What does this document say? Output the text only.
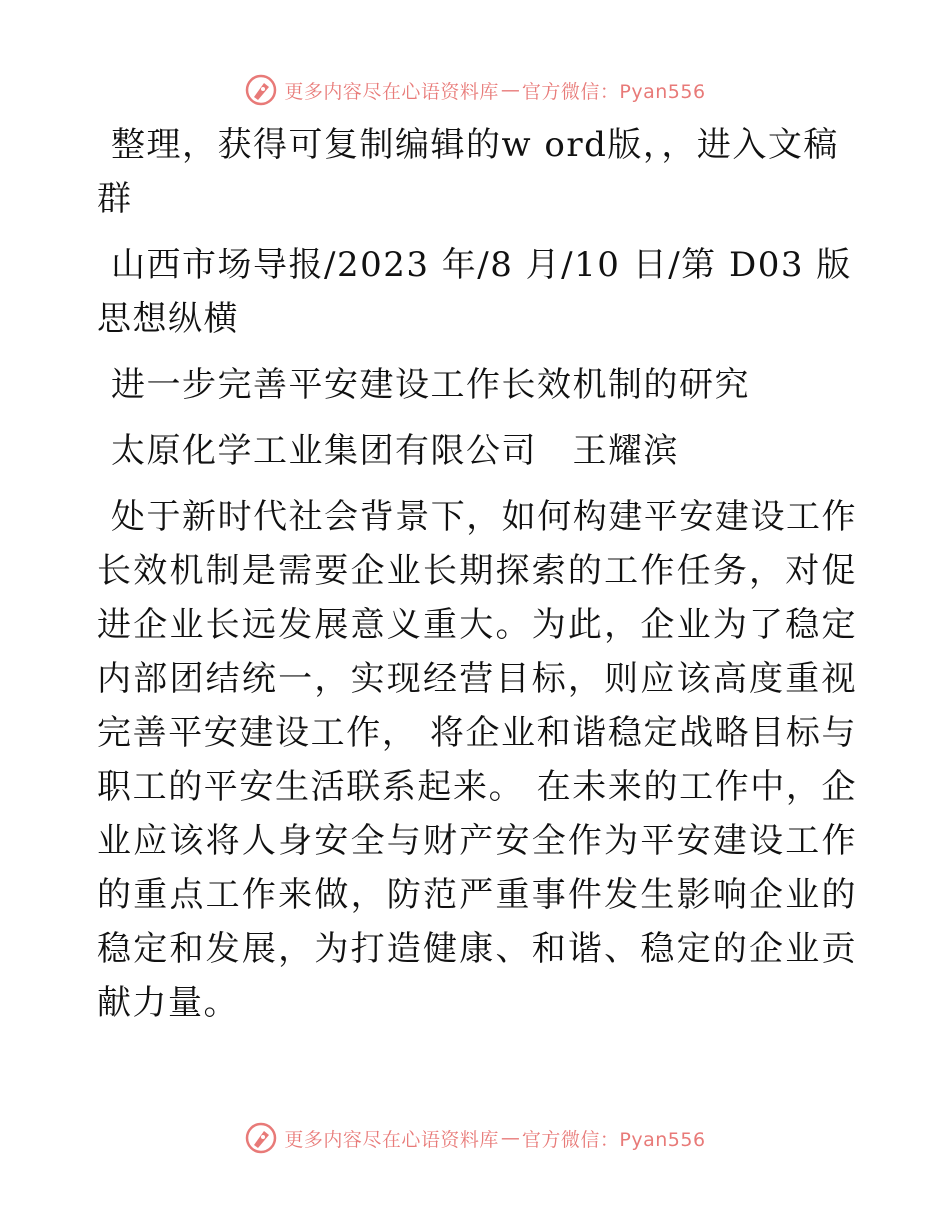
更多内容尽在心语资料库 — 官方微信：Pyan556

整理，获得可复制编辑的w ord版，，进入文稿群

山西市场导报/2023 年/8 月/10 日/第 D03 版思想纵横

进一步完善平安建设工作长效机制的研究

太原化学工业集团有限公司　王耀滨

处于新时代社会背景下，如何构建平安建设工作长效机制是需要企业长期探索的工作任务，对促进企业长远发展意义重大。为此，企业为了稳定内部团结统一，实现经营目标，则应该高度重视完善平安建设工作， 将企业和谐稳定战略目标与职工的平安生活联系起来。 在未来的工作中，企业应该将人身安全与财产安全作为平安建设工作的重点工作来做，防范严重事件发生影响企业的稳定和发展，为打造健康、和谐、稳定的企业贡献力量。

更多内容尽在心语资料库 — 官方微信：Pyan556
